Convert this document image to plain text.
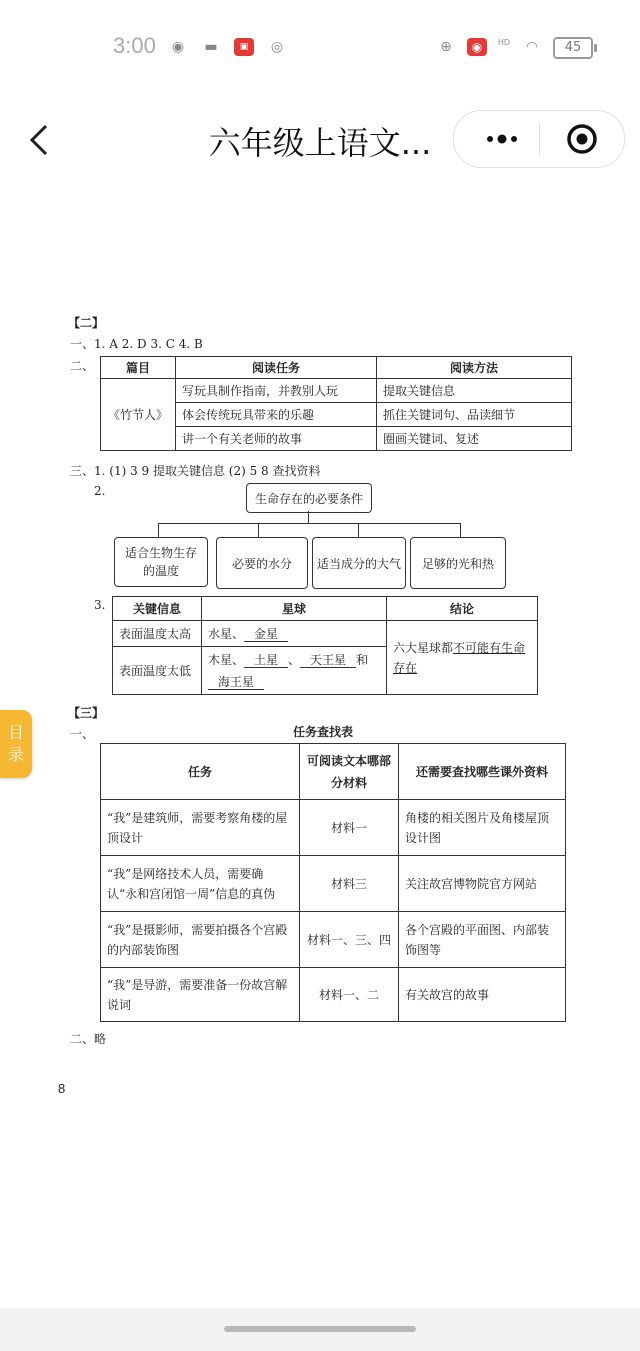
3:00 ◉ ▬	▣	◎	⊕	◉	HD ◠	45
六年级上语文...
【二】
一、1. A 2. D 3. C 4. B
二、	篇目	阅读任务	阅读方法
《竹节人》	写玩具制作指南，并教别人玩	提取关键信息
	体会传统玩具带来的乐趣	抓住关键词句、品读细节
	讲一个有关老师的故事	圈画关键词、复述
三、1. (1) 3 9 提取关键信息 (2) 5 8 查找资料
2.
生命存在的必要条件
适合生物生存的温度
必要的水分	适当成分的大气	足够的光和热
3. 关键信息	星球	结论
表面温度太高	水星、 金星	六大星球都不可能有生命存在
表面温度太低	木星、 土星 、 天王星 和
海王星	
【三】
一、	任务查找表
任务	可阅读文本哪部分材料	还需要查找哪些课外资料
“我”是建筑师，需要考察角楼的屋顶设计	材料一	角楼的相关图片及角楼屋顶设计图
“我”是网络技术人员，需要确认“永和宫闭馆一周”信息的真伪	材料三	关注故宫博物院官方网站
“我”是摄影师，需要拍摄各个宫殿的内部装饰图	材料一、三、四	各个宫殿的平面图、内部装饰图等
“我”是导游，需要准备一份故宫解说词	材料一、二	有关故宫的故事
二、略
8
目
录
